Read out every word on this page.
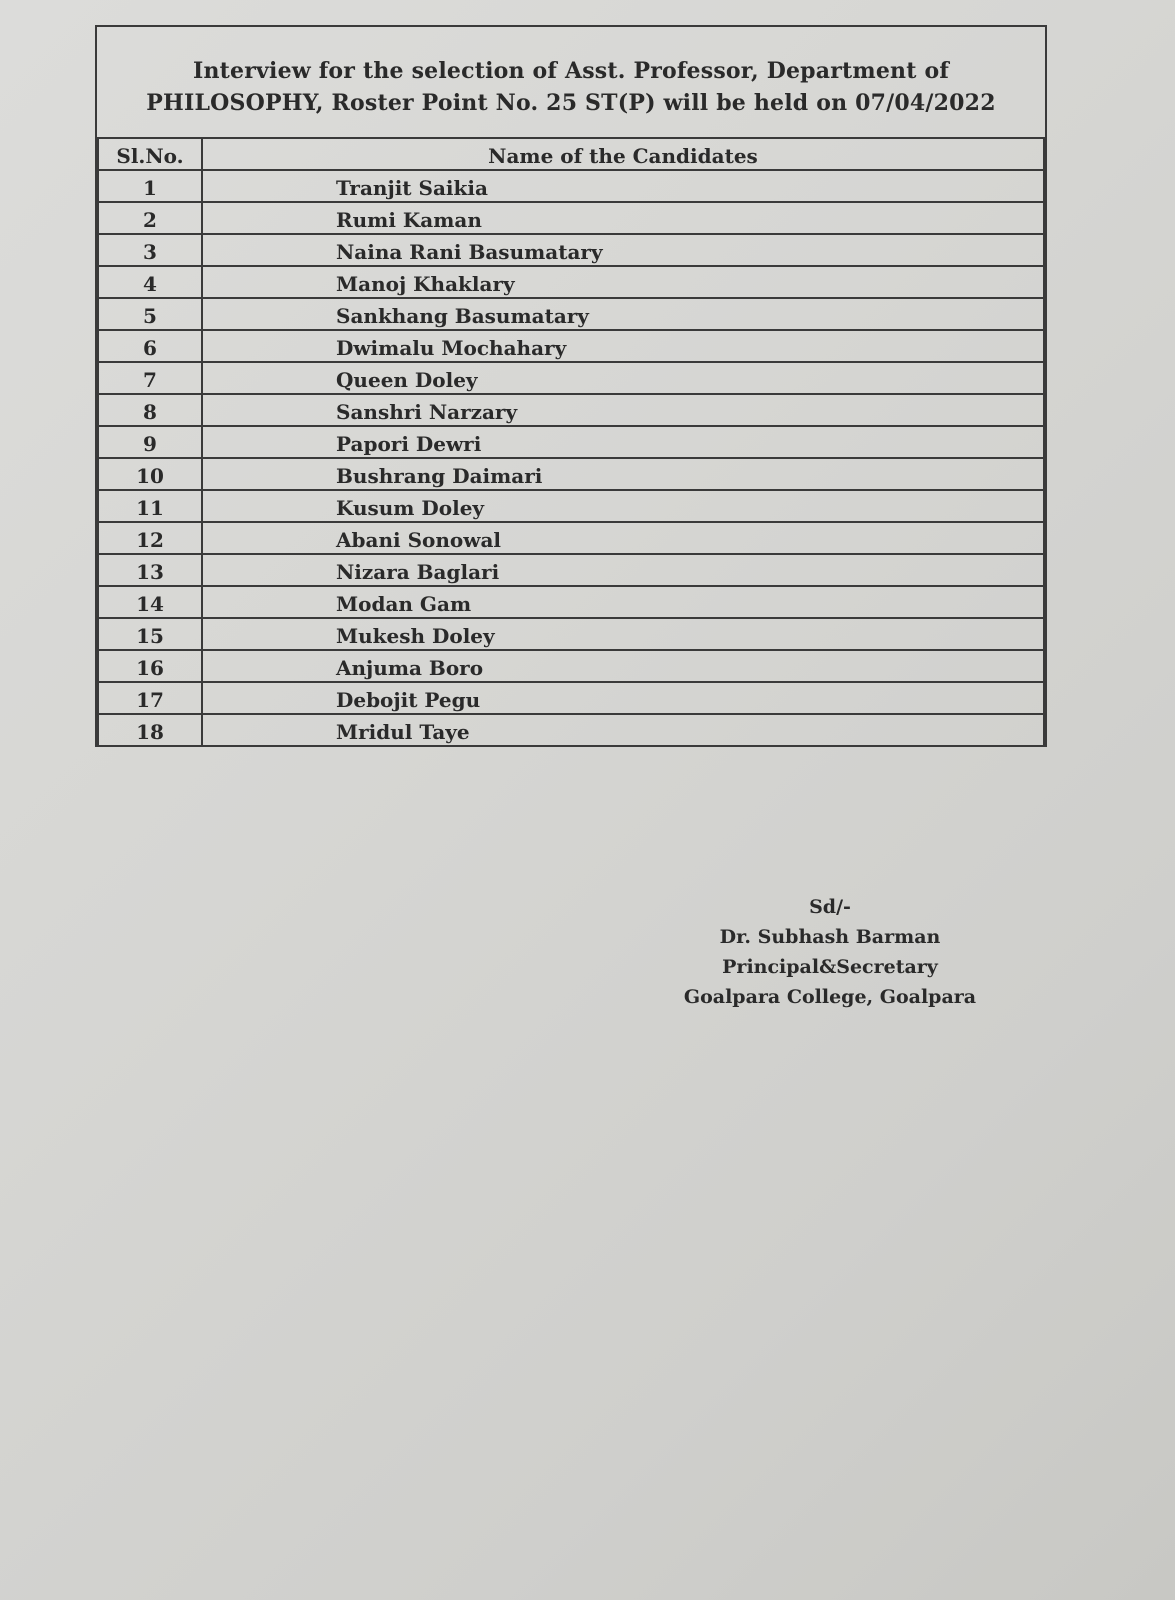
Interview for the selection of Asst. Professor, Department of
PHILOSOPHY, Roster Point No. 25 ST(P) will be held on 07/04/2022
Sl.No.	Name of the Candidates
1	Tranjit Saikia
2	Rumi Kaman
3	Naina Rani Basumatary
4	Manoj Khaklary
5	Sankhang Basumatary
6	Dwimalu Mochahary
7	Queen Doley
8	Sanshri Narzary
9	Papori Dewri
10	Bushrang Daimari
11	Kusum Doley
12	Abani Sonowal
13	Nizara Baglari
14	Modan Gam
15	Mukesh Doley
16	Anjuma Boro
17	Debojit Pegu
18	Mridul Taye
Sd/-
Dr. Subhash Barman
Principal&Secretary
Goalpara College, Goalpara
